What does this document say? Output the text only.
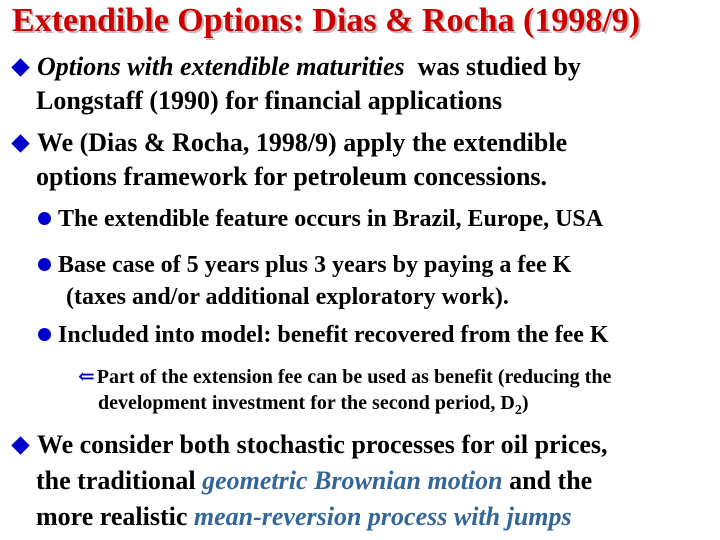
Extendible Options: Dias & Rocha (1998/9)
Options with extendible maturities was studied by
Longstaff (1990) for financial applications
We (Dias & Rocha, 1998/9) apply the extendible
options framework for petroleum concessions.
The extendible feature occurs in Brazil, Europe, USA
Base case of 5 years plus 3 years by paying a fee K
(taxes and/or additional exploratory work).
Included into model: benefit recovered from the fee K
⇐ Part of the extension fee can be used as benefit (reducing the
development investment for the second period, $D_2$)
We consider both stochastic processes for oil prices,
the traditional geometric Brownian motion and the
more realistic mean-reversion process with jumps
